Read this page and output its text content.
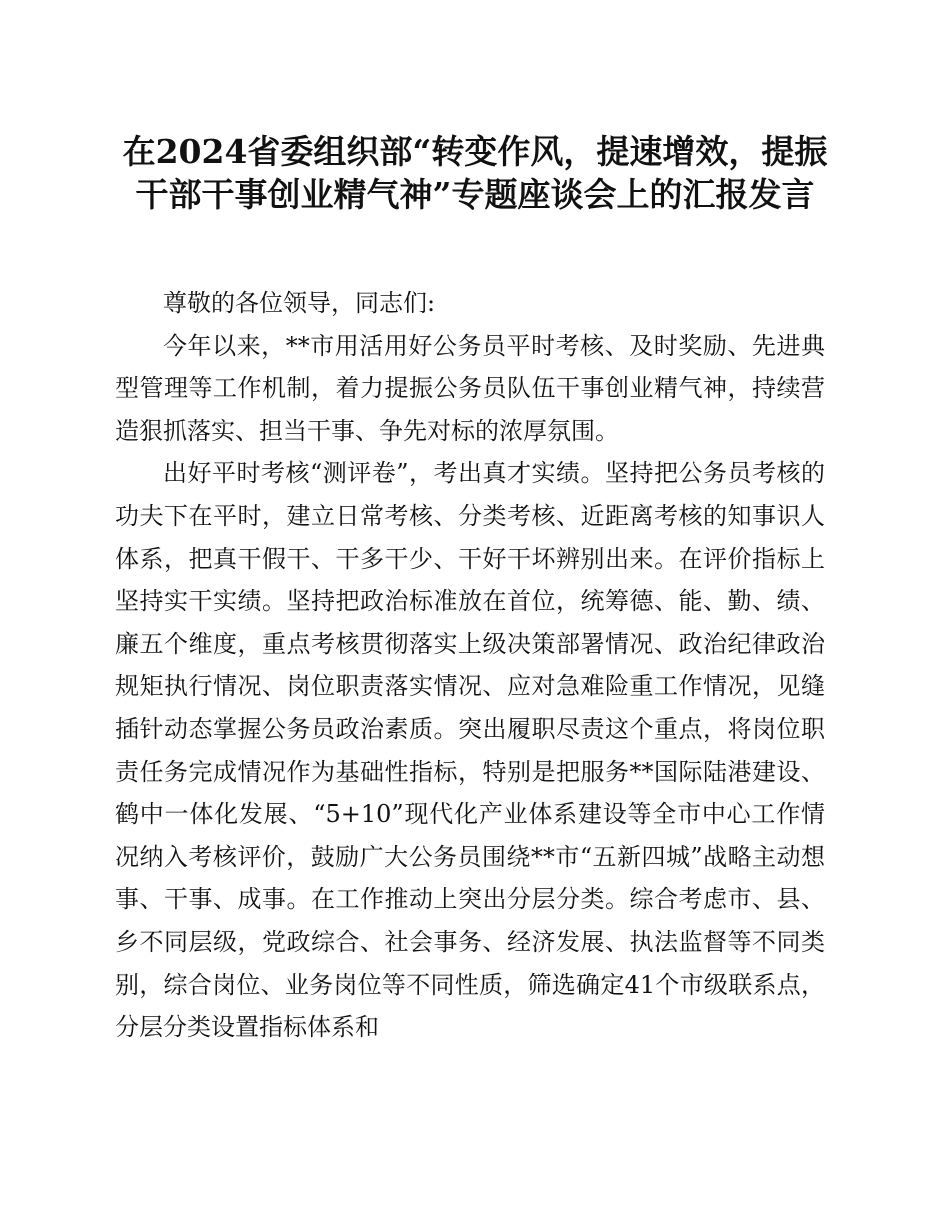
在2024省委组织部“转变作风，提速增效，提振干部干事创业精气神”专题座谈会上的汇报发言

尊敬的各位领导，同志们:

今年以来，**市用活用好公务员平时考核、及时奖励、先进典型管理等工作机制，着力提振公务员队伍干事创业精气神，持续营造狠抓落实、担当干事、争先对标的浓厚氛围。

出好平时考核“测评卷”，考出真才实绩。坚持把公务员考核的功夫下在平时，建立日常考核、分类考核、近距离考核的知事识人体系，把真干假干、干多干少、干好干坏辨别出来。在评价指标上坚持实干实绩。坚持把政治标准放在首位，统筹德、能、勤、绩、廉五个维度，重点考核贯彻落实上级决策部署情况、政治纪律政治规矩执行情况、岗位职责落实情况、应对急难险重工作情况，见缝插针动态掌握公务员政治素质。突出履职尽责这个重点，将岗位职责任务完成情况作为基础性指标，特别是把服务**国际陆港建设、鹤中一体化发展、“5+10”现代化产业体系建设等全市中心工作情况纳入考核评价，鼓励广大公务员围绕**市“五新四城”战略主动想事、干事、成事。在工作推动上突出分层分类。综合考虑市、县、乡不同层级，党政综合、社会事务、经济发展、执法监督等不同类别，综合岗位、业务岗位等不同性质，筛选确定41个市级联系点，分层分类设置指标体系和
